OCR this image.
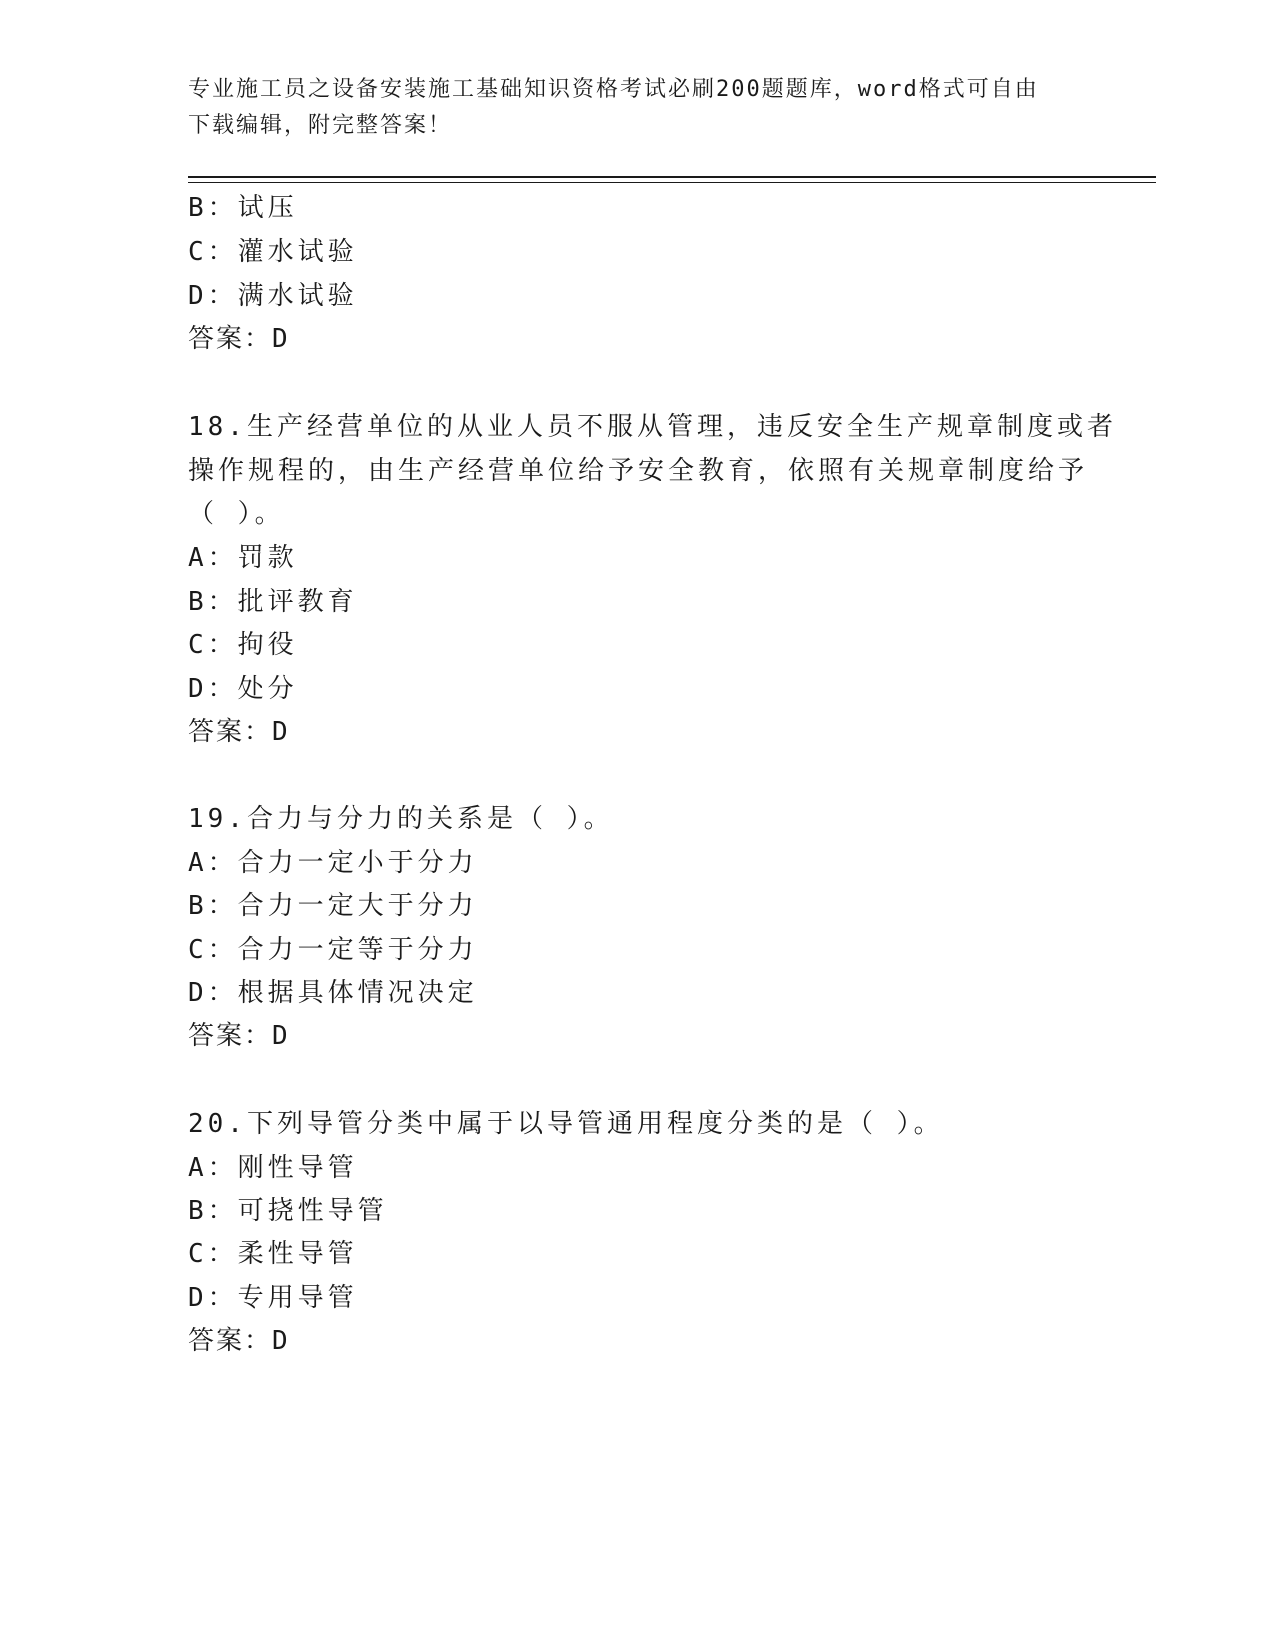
专业施工员之设备安装施工基础知识资格考试必刷200题题库，word格式可自由
下载编辑，附完整答案！
B：试压
C：灌水试验
D：满水试验
答案：D
18.生产经营单位的从业人员不服从管理，违反安全生产规章制度或者
操作规程的，由生产经营单位给予安全教育，依照有关规章制度给予
（ ）。
A：罚款
B：批评教育
C：拘役
D：处分
答案：D
19.合力与分力的关系是（ ）。
A：合力一定小于分力
B：合力一定大于分力
C：合力一定等于分力
D：根据具体情况决定
答案：D
20.下列导管分类中属于以导管通用程度分类的是（ ）。
A：刚性导管
B：可挠性导管
C：柔性导管
D：专用导管
答案：D
